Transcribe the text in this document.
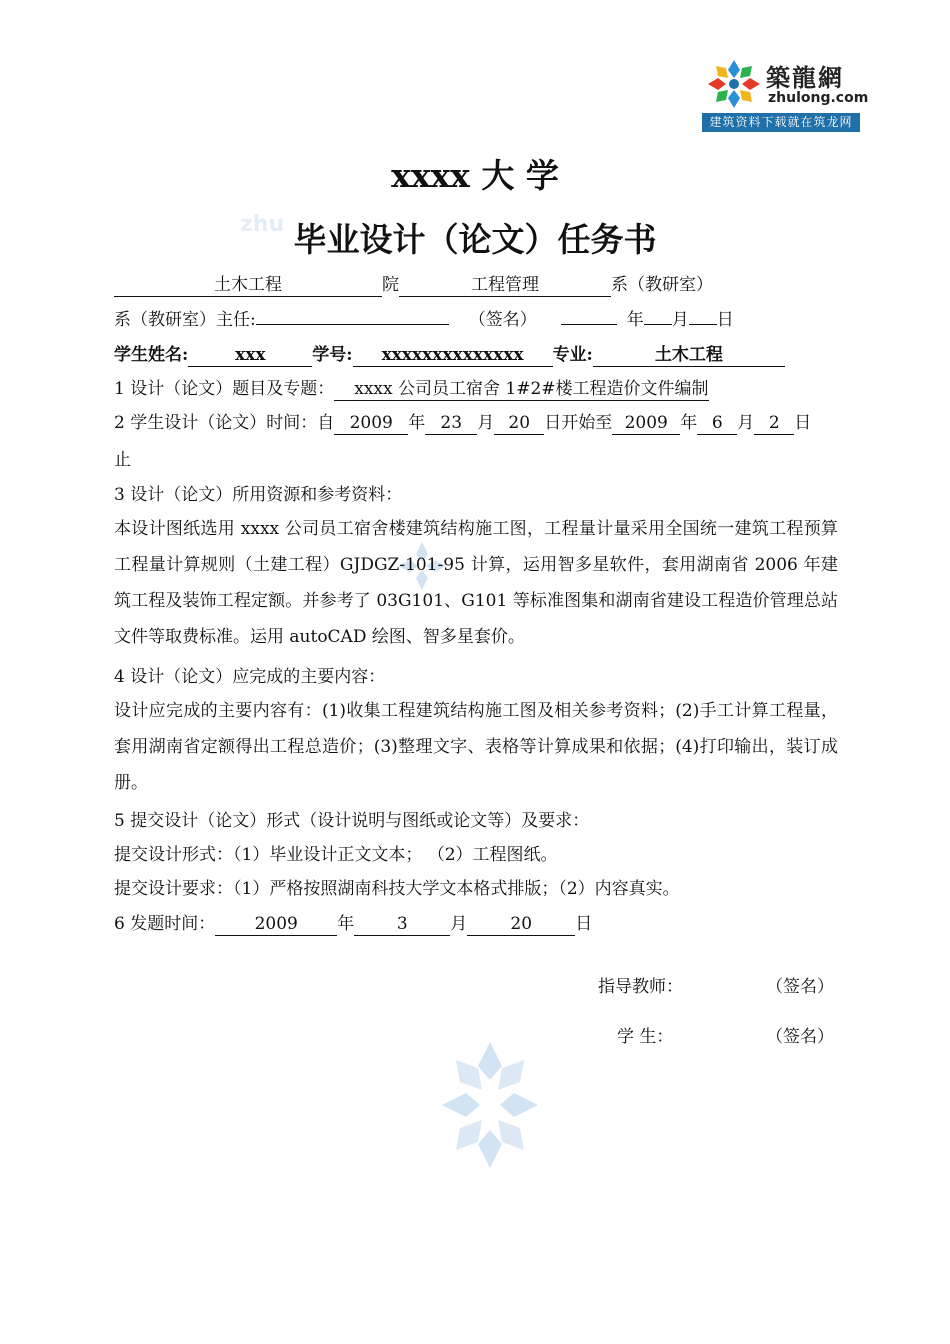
築龍網
zhulong.com
建筑资料下载就在筑龙网
zhu
xxxx 大 学
毕业设计（论文）任务书
土木工程	院	工程管理	系（教研室）
系（教研室）主任:	（签名）	年 月 日
学生姓名:	xxx	学号: xxxxxxxxxxxxxx 专业:	土木工程
1 设计（论文）题目及专题： xxxx 公司员工宿舍 1#2#楼工程造价文件编制
2 学生设计（论文）时间：自 2009 年 23 月 20 日开始至 2009 年 6 月 2 日
止
3 设计（论文）所用资源和参考资料：
本设计图纸选用 xxxx 公司员工宿舍楼建筑结构施工图，工程量计量采用全国统一建筑工程预算工程量计算规则（土建工程）GJDGZ-101-95 计算，运用智多星软件，套用湖南省 2006 年建筑工程及装饰工程定额。并参考了 03G101、G101 等标准图集和湖南省建设工程造价管理总站文件等取费标准。运用 autoCAD 绘图、智多星套价。
4 设计（论文）应完成的主要内容：
设计应完成的主要内容有：(1)收集工程建筑结构施工图及相关参考资料；(2)手工计算工程量，套用湖南省定额得出工程总造价；(3)整理文字、表格等计算成果和依据；(4)打印输出，装订成册。
5 提交设计（论文）形式（设计说明与图纸或论文等）及要求：
提交设计形式：（1）毕业设计正文文本； （2）工程图纸。
提交设计要求：（1）严格按照湖南科技大学文本格式排版；（2）内容真实。
6 发题时间： 2009 年	3	月	20	日
指导教师：	（签名）
学 生：	（签名）
